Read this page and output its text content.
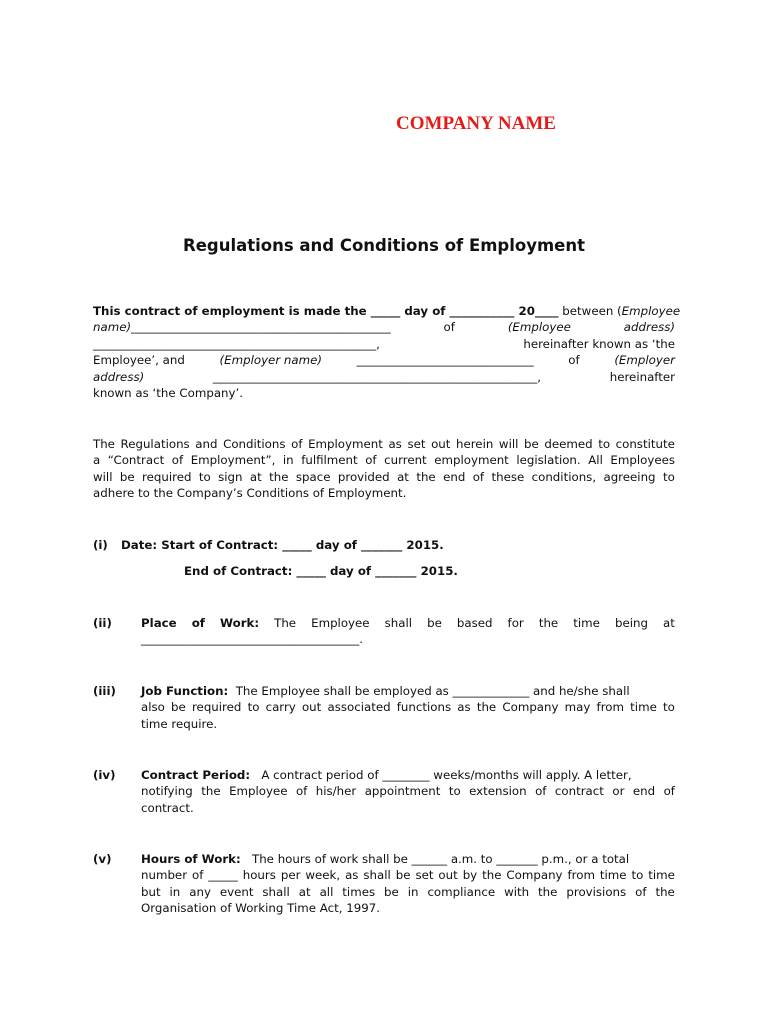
COMPANY NAME
Regulations and Conditions of Employment
This contract of employment is made the _____ day of ___________ 20____ between (Employee
name)____________________________________________	of	(Employee	address)
________________________________________________,	hereinafter known as ‘the
Employee’, and	(Employer name)	______________________________	of	(Employer
address)	_______________________________________________________,	hereinafter
known as ‘the Company’.
The Regulations and Conditions of Employment as set out herein will be deemed to constitute
a “Contract of Employment”, in fulfilment of current employment legislation. All Employees
will be required to sign at the space provided at the end of these conditions, agreeing to
adhere to the Company’s Conditions of Employment.
(i) Date: Start of Contract: _____ day of _______ 2015.
End of Contract: _____ day of _______ 2015.
(ii) Place of Work: The Employee shall be based for the time being at
_____________________________________.
(iii) Job Function: The Employee shall be employed as _____________ and he/she shall
also be required to carry out associated functions as the Company may from time to
time require.
(iv) Contract Period: A contract period of ________ weeks/months will apply. A letter,
notifying the Employee of his/her appointment to extension of contract or end of
contract.
(v)	Hours of Work: The hours of work shall be ______ a.m. to _______ p.m., or a total
number of _____ hours per week, as shall be set out by the Company from time to time
but in any event shall at all times be in compliance with the provisions of the
Organisation of Working Time Act, 1997.
